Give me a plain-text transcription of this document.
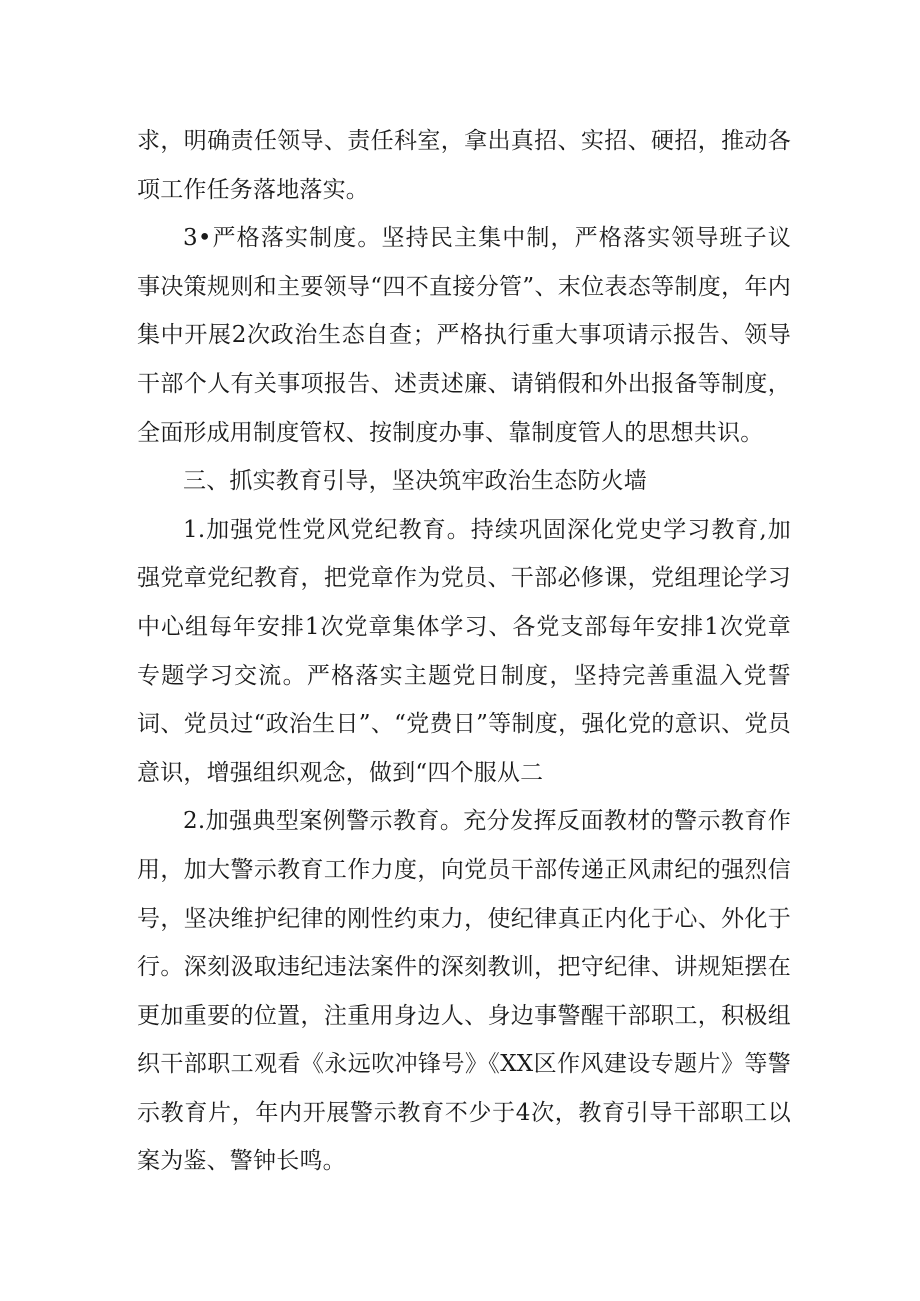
求，明确责任领导、责任科室，拿出真招、实招、硬招，推动各项工作任务落地落实。

3•严格落实制度。坚持民主集中制，严格落实领导班子议事决策规则和主要领导“四不直接分管”、末位表态等制度，年内集中开展2次政治生态自查；严格执行重大事项请示报告、领导干部个人有关事项报告、述责述廉、请销假和外出报备等制度，全面形成用制度管权、按制度办事、靠制度管人的思想共识。

三、抓实教育引导，坚决筑牢政治生态防火墙

1.加强党性党风党纪教育。持续巩固深化党史学习教育,加强党章党纪教育，把党章作为党员、干部必修课，党组理论学习中心组每年安排1次党章集体学习、各党支部每年安排1次党章专题学习交流。严格落实主题党日制度，坚持完善重温入党誓词、党员过“政治生日”、“党费日”等制度，强化党的意识、党员意识，增强组织观念，做到“四个服从二

2.加强典型案例警示教育。充分发挥反面教材的警示教育作用，加大警示教育工作力度，向党员干部传递正风肃纪的强烈信号，坚决维护纪律的刚性约束力，使纪律真正内化于心、外化于行。深刻汲取违纪违法案件的深刻教训，把守纪律、讲规矩摆在更加重要的位置，注重用身边人、身边事警醒干部职工，积极组织干部职工观看《永远吹冲锋号》《XX区作风建设专题片》等警示教育片，年内开展警示教育不少于4次，教育引导干部职工以案为鉴、警钟长鸣。
